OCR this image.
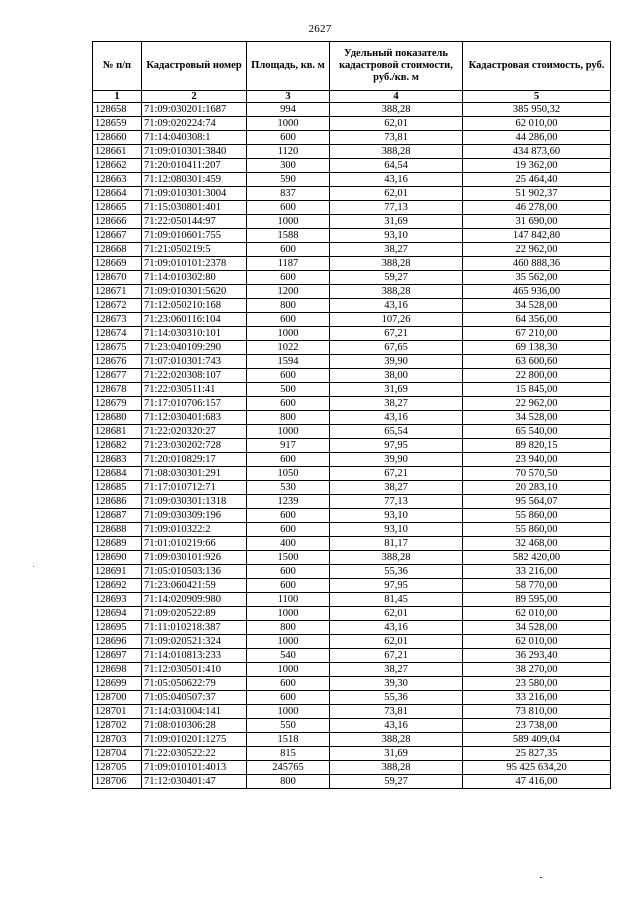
2627
№ п/п	Кадастровый номер	Площадь, кв. м	Удельный показатель кадастровой стоимости, руб./кв. м	Кадастровая стоимость, руб.
1	2	3	4	5
128658	71:09:030201:1687	994	388,28	385 950,32
128659	71:09:020224:74	1000	62,01	62 010,00
128660	71:14:040308:1	600	73,81	44 286,00
128661	71:09:010301:3840	1120	388,28	434 873,60
128662	71:20:010411:207	300	64,54	19 362,00
128663	71:12:080301:459	590	43,16	25 464,40
128664	71:09:010301:3004	837	62,01	51 902,37
128665	71:15:030801:401	600	77,13	46 278,00
128666	71:22:050144:97	1000	31,69	31 690,00
128667	71:09:010601:755	1588	93,10	147 842,80
128668	71:21:050219:5	600	38,27	22 962,00
128669	71:09:010101:2378	1187	388,28	460 888,36
128670	71:14:010302:80	600	59,27	35 562,00
128671	71:09:010301:5620	1200	388,28	465 936,00
128672	71:12:050210:168	800	43,16	34 528,00
128673	71:23:060116:104	600	107,26	64 356,00
128674	71:14:030310:101	1000	67,21	67 210,00
128675	71:23:040109:290	1022	67,65	69 138,30
128676	71:07:010301:743	1594	39,90	63 600,60
128677	71:22:020308:107	600	38,00	22 800,00
128678	71:22:030511:41	500	31,69	15 845,00
128679	71:17:010706:157	600	38,27	22 962,00
128680	71:12:030401:683	800	43,16	34 528,00
128681	71:22:020320:27	1000	65,54	65 540,00
128682	71:23:030202:728	917	97,95	89 820,15
128683	71:20:010829:17	600	39,90	23 940,00
128684	71:08:030301:291	1050	67,21	70 570,50
128685	71:17:010712:71	530	38,27	20 283,10
128686	71:09:030301:1318	1239	77,13	95 564,07
128687	71:09:030309:196	600	93,10	55 860,00
128688	71:09:010322:2	600	93,10	55 860,00
128689	71:01:010219:66	400	81,17	32 468,00
128690	71:09:030101:926	1500	388,28	582 420,00
128691	71:05:010503:136	600	55,36	33 216,00
128692	71:23:060421:59	600	97,95	58 770,00
128693	71:14:020909:980	1100	81,45	89 595,00
128694	71:09:020522:89	1000	62,01	62 010,00
128695	71:11:010218:387	800	43,16	34 528,00
128696	71:09:020521:324	1000	62,01	62 010,00
128697	71:14:010813:233	540	67,21	36 293,40
128698	71:12:030501:410	1000	38,27	38 270,00
128699	71:05:050622:79	600	39,30	23 580,00
128700	71:05:040507:37	600	55,36	33 216,00
128701	71:14:031004:141	1000	73,81	73 810,00
128702	71:08:010306:28	550	43,16	23 738,00
128703	71:09:010201:1275	1518	388,28	589 409,04
128704	71:22:030522:22	815	31,69	25 827,35
128705	71:09:010101:4013	245765	388,28	95 425 634,20
128706	71:12:030401:47	800	59,27	47 416,00
